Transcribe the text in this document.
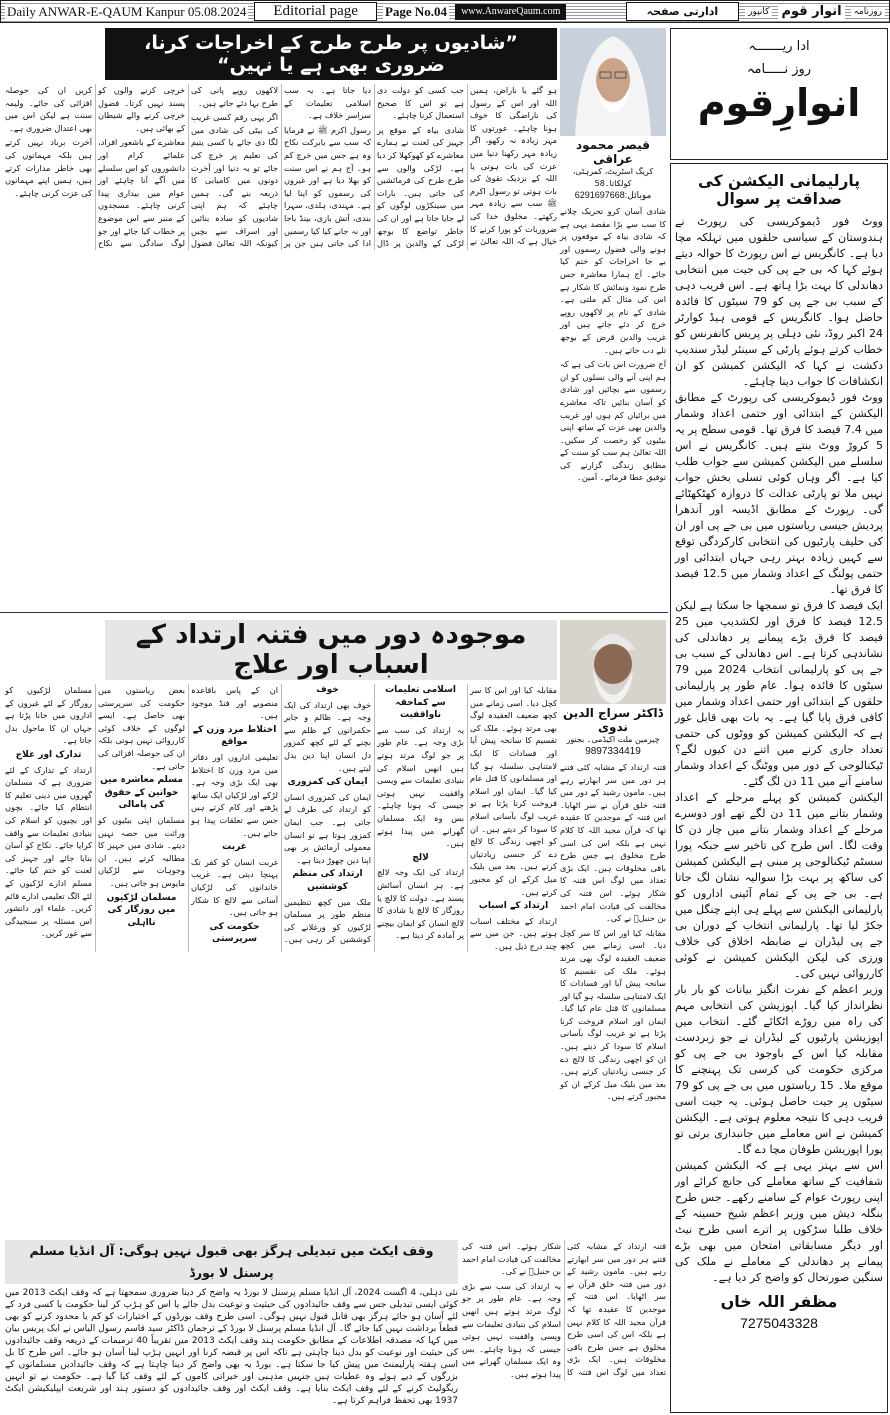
Daily ANWAR-E-QAUM Kanpur 05.08.2024	Editorial page	Page No.04	www.AnwareQaum.com	ادارتی صفحہ	کانپور انوار قوم	روزنامہ
ادا ریـــــــہ
روز نـــــامہ
انوارِقوم
پارلیمانی الیکشن کی صداقت پر سوال

ووٹ فور ڈیموکریسی کی رپورٹ نے ہندوستان کے سیاسی حلقوں میں تہلکہ مچا دیا ہے۔ کانگریس نے اس رپورٹ کا حوالہ دیتے ہوئے کہا کہ بی جے پی کی جیت میں انتخابی دھاندلی کا بہت بڑا ہاتھ ہے۔ اس فریب دہی کے سبب بی جے پی کو 79 سیٹوں کا فائدہ حاصل ہوا۔ کانگریس کے قومی ہیڈ کوارٹر 24 اکبر روڈ، نئی دہلی پر پریس کانفرنس کو خطاب کرتے ہوئے پارٹی کے سینئر لیڈر سندیپ دکشت نے کہا کہ الیکشن کمیشن کو ان انکشافات کا جواب دینا چاہئے۔

ووٹ فور ڈیموکریسی کی رپورٹ کے مطابق الیکشن کے ابتدائی اور حتمی اعداد وشمار میں 7.4 فیصد کا فرق تھا۔ قومی سطح پر یہ 5 کروڑ ووٹ بنتے ہیں۔ کانگریس نے اس سلسلے میں الیکشن کمیشن سے جواب طلب کیا ہے۔ اگر وہاں کوئی تسلی بخش جواب نہیں ملا تو پارٹی عدالت کا دروازہ کھٹکھٹائے گی۔ رپورٹ کے مطابق اڈیسہ اور آندھرا پردیش جیسی ریاستوں میں بی جے پی اور ان کی حلیف پارٹیوں کی انتخابی کارکردگی توقع سے کہیں زیادہ بہتر رہی جہاں ابتدائی اور حتمی پولنگ کے اعداد وشمار میں 12.5 فیصد کا فرق تھا۔

ایک فیصد کا فرق تو سمجھا جا سکتا ہے لیکن 12.5 فیصد کا فرق اور لکشدیپ میں 25 فیصد کا فرق بڑے پیمانے پر دھاندلی کی نشاندہی کرتا ہے۔ اس دھاندلی کے سبب بی جے پی کو پارلیمانی انتخاب 2024 میں 79 سیٹوں کا فائدہ ہوا۔ عام طور پر پارلیمانی حلقوں کے ابتدائی اور حتمی اعداد وشمار میں کافی فرق پایا گیا ہے۔ یہ بات بھی قابل غور ہے کہ الیکشن کمیشن کو ووٹوں کی حتمی تعداد جاری کرنے میں اتنے دن کیوں لگے؟ ٹیکنالوجی کے دور میں ووٹنگ کے اعداد وشمار سامنے آنے میں 11 دن لگ گئے۔

الیکشن کمیشن کو پہلے مرحلے کے اعداد وشمار بتانے میں 11 دن لگے تھے اور دوسرے مرحلے کے اعداد وشمار بتانے میں چار دن کا وقت لگا۔ اس طرح کی تاخیر سے جبکہ پورا سسٹم ٹیکنالوجی پر مبنی ہے الیکشن کمیشن کی ساکھ پر بہت بڑا سوالیہ نشان لگ جاتا ہے۔ بی جے پی کے تمام آئینی اداروں کو پارلیمانی الیکشن سے پہلے ہی اپنے چنگل میں جکڑ لیا تھا۔ پارلیمانی انتخاب کے دوران بی جے پی لیڈران نے ضابطہ اخلاق کی خلاف ورزی کی لیکن الیکشن کمیشن نے کوئی کارروائی نہیں کی۔

وزیر اعظم کے نفرت انگیز بیانات کو بار بار نظرانداز کیا گیا۔ اپوزیشن کی انتخابی مہم کی راہ میں روڑے اٹکائے گئے۔ انتخاب میں اپوزیشن پارٹیوں کے لیڈران نے جو زبردست مقابلہ کیا اس کے باوجود بی جے پی کو مرکزی حکومت کی کرسی تک پہنچنے کا موقع ملا۔ 15 ریاستوں میں بی جے پی کو 79 سیٹوں پر جیت حاصل ہوئی۔ یہ جیت اسی فریب دہی کا نتیجہ معلوم ہوتی ہے۔ الیکشن کمیشن نے اس معاملے میں جانبداری برتی تو پورا اپوزیشن طوفان مچا دے گا۔

اس سے بہتر یہی ہے کہ الیکشن کمیشن شفافیت کے ساتھ معاملے کی جانچ کرائے اور اپنی رپورٹ عوام کے سامنے رکھے۔ جس طرح بنگلہ دیش میں وزیر اعظم شیخ حسینہ کے خلاف طلبا سڑکوں پر اترے اسی طرح نیٹ اور دیگر مسابقاتی امتحان میں بھی بڑے پیمانے پر دھاندلی کے معاملے نے ملک کی سنگین صورتحال کو واضح کر دیا ہے۔

مظفر اللہ خاں
7275043328
قیصر محمود عراقی
کریگ اسٹریٹ، کمرہٹی، کولکاتا۔58
موبائل:6291697668

شادی آسان کرو تحریک چلانے کا سب سے بڑا مقصد یہی ہے کہ شادی بیاہ کے موقعوں پر ہونے والی فضول رسموں اور بے جا اخراجات کو ختم کیا جائے۔ آج ہمارا معاشرہ جس طرح نمود ونمائش کا شکار ہے اس کی مثال کم ملتی ہے۔ شادی کے نام پر لاکھوں روپے خرچ کر دئے جاتے ہیں اور غریب والدین قرض کے بوجھ تلے دب جاتے ہیں۔

آج ضرورت اس بات کی ہے کہ ہم اپنی آنے والی نسلوں کو ان رسموں سے بچائیں اور شادی کو آسان بنائیں تاکہ معاشرے میں برائیاں کم ہوں اور غریب والدین بھی عزت کے ساتھ اپنی بیٹیوں کو رخصت کر سکیں۔ اللہ تعالیٰ ہم سب کو سنت کے مطابق زندگی گزارنے کی توفیق عطا فرمائے۔ آمین۔

”شادیوں پر طرح طرح کے اخراجات کرنا، ضروری بھی ہے یا نہیں“

ہو گئے یا ناراض، ہمیں اللہ اور اس کے رسول کی ناراضگی کا خوف ہونا چاہئے۔ عورتوں کا مہر زیادہ نہ رکھو، اگر زیادہ مہر رکھنا دنیا میں عزت کی بات ہوتی یا اللہ کے نزدیک تقویٰ کی بات ہوتی تو رسول اکرم ﷺ سب سے زیادہ مہر رکھتے۔ مخلوق خدا کی ضروریات کو پورا کرنے کا خیال ہے کہ اللہ تعالیٰ نے جب کسی کو دولت دی ہے تو اس کا صحیح استعمال کرنا چاہئے۔

شادی بیاہ کے موقع پر جہیز کی لعنت نے ہمارے معاشرے کو کھوکھلا کر دیا ہے۔ لڑکی والوں سے طرح طرح کی فرمائشیں کی جاتی ہیں۔ بارات میں سینکڑوں لوگوں کو لے جایا جاتا ہے اور ان کی خاطر تواضع کا بوجھ لڑکی کے والدین پر ڈال دیا جاتا ہے۔ یہ سب اسلامی تعلیمات کے سراسر خلاف ہے۔

رسول اکرم ﷺ نے فرمایا کہ سب سے بابرکت نکاح وہ ہے جس میں خرچ کم ہو۔ آج ہم نے اس سنت کو بھلا دیا ہے اور غیروں کی رسموں کو اپنا لیا ہے۔ مہندی، ہلدی، سہرا بندی، آتش بازی، بینڈ باجا اور نہ جانے کیا کیا رسمیں ادا کی جاتی ہیں جن پر لاکھوں روپے پانی کی طرح بہا دئے جاتے ہیں۔

اگر یہی رقم کسی غریب کی بیٹی کی شادی میں لگا دی جائے یا کسی یتیم کی تعلیم پر خرچ کی جائے تو یہ دنیا اور آخرت دونوں میں کامیابی کا ذریعہ بنے گی۔ ہمیں چاہئے کہ ہم اپنی شادیوں کو سادہ بنائیں اور اسراف سے بچیں کیونکہ اللہ تعالیٰ فضول خرچی کرنے والوں کو پسند نہیں کرتا۔ فضول خرچی کرنے والے شیطان کے بھائی ہیں۔

معاشرے کے باشعور افراد، علمائے کرام اور دانشوروں کو اس سلسلے میں آگے آنا چاہئے اور عوام میں بیداری پیدا کرنی چاہئے۔ مسجدوں کے منبر سے اس موضوع پر خطاب کیا جائے اور جو لوگ سادگی سے نکاح کریں ان کی حوصلہ افزائی کی جائے۔ ولیمہ سنت ہے لیکن اس میں بھی اعتدال ضروری ہے۔

آخرت برباد نہیں کرتے ہیں بلکہ مہمانوں کی بھی خاطر مدارات کرتے ہیں، ہمیں اپنے مہمانوں کی عزت کرنی چاہئے۔

ڈاکٹر سراج الدین ندوی
چیرمین ملت اکیڈمی۔ بجنور
9897334419

فتنہ ارتداد کے مشابہ کئی فتنے ہر دور میں سر ابھارتے رہے ہیں۔ مامون رشید کے دور میں فتنہ خلق قرآن نے سر اٹھایا۔ اس فتنہ کے موجدین کا عقیدہ تھا کہ قرآن مجید اللہ کا کلام نہیں ہے بلکہ اس کی اسی طرح مخلوق ہے جس طرح باقی مخلوقات ہیں۔ ایک بڑی تعداد میں لوگ اس فتنہ کا شکار ہوئے۔ اس فتنہ کی مخالفت کی قیادت امام احمد بن حنبلؒ نے کی۔

مقابلہ کیا اور اس کا سر کچل دیا۔ اسی زمانے میں کچھ ضعیف العقیدہ لوگ بھی مرتد ہوئے۔ ملک کی تقسیم کا سانحہ پیش آیا اور فسادات کا ایک لامتناہی سلسلہ ہو گیا اور مسلمانوں کا قتل عام کیا گیا۔ ایمان اور اسلام فروخت کرنا پڑتا ہے تو غریب لوگ بآسانی اسلام کا سودا کر دیتے ہیں۔ ان کو اچھی زندگی کا لالچ دے کر جنسی زیادتیاں کرتے ہیں۔ بعد میں بلیک میل کرکے ان کو مجبور کرتے ہیں۔

موجودہ دور میں فتنہ ارتداد کے اسباب اور علاج

مقابلہ کیا اور اس کا سر کچل دیا۔ اسی زمانے میں کچھ ضعیف العقیدہ لوگ بھی مرتد ہوئے۔ ملک کی تقسیم کا سانحہ پیش آیا اور فسادات کا ایک لامتناہی سلسلہ ہو گیا اور مسلمانوں کا قتل عام کیا گیا۔ ایمان اور اسلام فروخت کرنا پڑتا ہے تو غریب لوگ بآسانی اسلام کا سودا کر دیتے ہیں۔ ان کو اچھی زندگی کا لالچ دے کر جنسی زیادتیاں کرتے ہیں۔ بعد میں بلیک میل کرکے ان کو مجبور کرتے ہیں۔

ارتداد کے اسباب

ارتداد کے مختلف اسباب ہوتے ہیں۔ جن میں سے چند درج ذیل ہیں۔

اسلامی تعلیمات سے کماحقہ ناواقفیت

یہ ارتداد کی سب سے بڑی وجہ ہے۔ عام طور پر جو لوگ مرتد ہوتے ہیں انھیں اسلام کی بنیادی تعلیمات سے ویسی واقفیت نہیں ہوتی جیسی کہ ہونا چاہئے۔ بس وہ ایک مسلمان گھرانے میں پیدا ہوتے ہیں۔

لالچ

ارتداد کی ایک وجہ لالچ ہے۔ ہر انسان آسائش پسند ہے۔ دولت کا لالچ یا روزگار کا لالچ یا شادی کا لالچ انسان کو ایمان بیچنے پر آمادہ کر دیتا ہے۔

خوف

خوف بھی ارتداد کی ایک وجہ ہے۔ ظالم و جابر حکمرانوں کے ظلم سے بچنے کے لئے کچھ کمزور دل انسان اپنا دین بدل لیتے ہیں۔

ایمان کی کمزوری

ایمان کی کمزوری انسان کو ارتداد کی طرف لے جاتی ہے۔ جب ایمان کمزور ہوتا ہے تو انسان معمولی آزمائش پر بھی اپنا دین چھوڑ دیتا ہے۔

ارتداد کی منظم کوششیں

ملک میں کچھ تنظیمیں منظم طور پر مسلمان لڑکیوں کو ورغلانے کی کوششیں کر رہی ہیں۔ ان کے پاس باقاعدہ منصوبے اور فنڈ موجود ہیں۔

اختلاط مرد وزن کے مواقع

تعلیمی اداروں اور دفاتر میں مرد وزن کا اختلاط بھی ایک بڑی وجہ ہے۔ لڑکے اور لڑکیاں ایک ساتھ پڑھتے اور کام کرتے ہیں جس سے تعلقات پیدا ہو جاتے ہیں۔

غربت

غربت انسان کو کفر تک پہنچا دیتی ہے۔ غریب خاندانوں کی لڑکیاں آسانی سے لالچ کا شکار ہو جاتی ہیں۔

حکومت کی سرپرستی

بعض ریاستوں میں حکومت کی سرپرستی بھی حاصل ہے۔ ایسے لوگوں کے خلاف کوئی کارروائی نہیں ہوتی بلکہ ان کی حوصلہ افزائی کی جاتی ہے۔

مسلم معاشرہ میں خواتین کے حقوق کی پامالی

مسلمان اپنی بیٹیوں کو وراثت میں حصہ نہیں دیتے۔ شادی میں جہیز کا مطالبہ کرتے ہیں۔ ان وجوہات سے لڑکیاں مایوس ہو جاتی ہیں۔

مسلمان لڑکیوں میں روزگار کی نااہلی

مسلمان لڑکیوں کو روزگار کے لئے غیروں کے اداروں میں جانا پڑتا ہے جہاں ان کا ماحول بدل جاتا ہے۔

تدارک اور علاج

ارتداد کے تدارک کے لئے ضروری ہے کہ مسلمان گھروں میں دینی تعلیم کا انتظام کیا جائے۔ بچوں اور بچیوں کو اسلام کی بنیادی تعلیمات سے واقف کرایا جائے۔ نکاح کو آسان بنایا جائے اور جہیز کی لعنت کو ختم کیا جائے۔ مسلم ادارے لڑکیوں کے لئے الگ تعلیمی ادارے قائم کریں۔ علماء اور دانشور اس مسئلہ پر سنجیدگی سے غور کریں۔

فتنہ ارتداد کے مشابہ کئی فتنے ہر دور میں سر ابھارتے رہے ہیں۔ مامون رشید کے دور میں فتنہ خلق قرآن نے سر اٹھایا۔ اس فتنہ کے موجدین کا عقیدہ تھا کہ قرآن مجید اللہ کا کلام نہیں ہے بلکہ اس کی اسی طرح مخلوق ہے جس طرح باقی مخلوقات ہیں۔ ایک بڑی تعداد میں لوگ اس فتنہ کا شکار ہوئے۔ اس فتنہ کی مخالفت کی قیادت امام احمد بن حنبلؒ نے کی۔

یہ ارتداد کی سب سے بڑی وجہ ہے۔ عام طور پر جو لوگ مرتد ہوتے ہیں انھیں اسلام کی بنیادی تعلیمات سے ویسی واقفیت نہیں ہوتی جیسی کہ ہونا چاہئے۔ بس وہ ایک مسلمان گھرانے میں پیدا ہوتے ہیں۔

وقف ایکٹ میں تبدیلی ہرگز بھی قبول نہیں ہوگی: آل انڈیا مسلم پرسنل لا بورڈ
نئی دہلی، 4 اگست 2024، آل انڈیا مسلم پرسنل لا بورڈ یہ واضح کر دینا ضروری سمجھتا ہے کہ وقف ایکٹ 2013 میں کوئی ایسی تبدیلی جس سے وقف جائیدادوں کی حیثیت و نوعیت بدل جائے یا اس کو ہڑپ کر لینا حکومت یا کسی فرد کے لئے آسان ہو جائے ہرگز بھی قابل قبول نہیں ہوگی۔ اسی طرح وقف بورڈوں کے اختیارات کو کم یا محدود کرنے کو بھی قطعاً برداشت نہیں کیا جائے گا۔ آل انڈیا مسلم پرسنل لا بورڈ کے ترجمان ڈاکٹر سید قاسم رسول الیاس نے ایک پریس بیان میں کہا کہ مصدقہ اطلاعات کے مطابق حکومت ہند وقف ایکٹ 2013 میں تقریباً 40 ترمیمات کے ذریعہ وقف جائیدادوں کی حیثیت اور نوعیت کو بدل دینا چاہتی ہے تاکہ اس پر قبضہ کرنا اور انہیں ہڑپ لینا آسان ہو جائے۔ اس طرح کا بل اسی ہفتہ پارلیمنٹ میں پیش کیا جا سکتا ہے۔ بورڈ یہ بھی واضح کر دینا چاہتا ہے کہ وقف جائیدادیں مسلمانوں کے بزرگوں کے دیے ہوئے وہ عطیات ہیں جنہیں مذہبی اور خیراتی کاموں کے لئے وقف کیا گیا ہے۔ حکومت نے تو انہیں ریگولیٹ کرنے کے لئے وقف ایکٹ بنایا ہے۔ وقف ایکٹ اور وقف جائیدادوں کو دستور ہند اور شریعت ایپلیکیشن ایکٹ 1937 بھی تحفظ فراہم کرتا ہے۔
